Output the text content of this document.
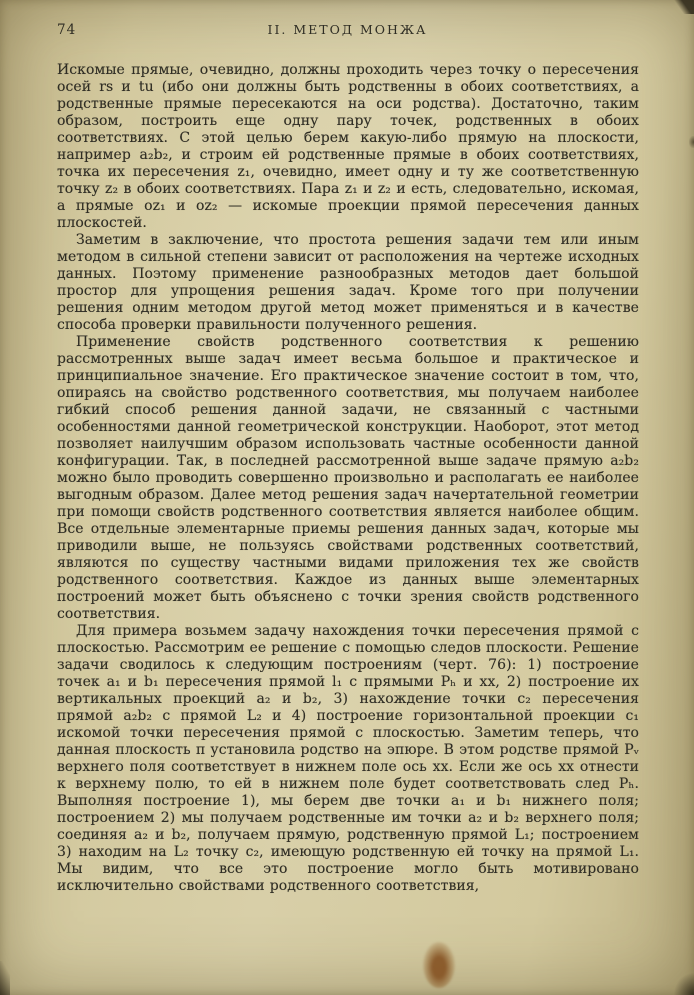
74	II. МЕТОД МОНЖА

Искомые прямые, очевидно, должны проходить через точку o пересечения осей rs и tu (ибо они должны быть родственны в обоих соответствиях, а родственные прямые пересекаются на оси родства). Достаточно, таким образом, построить еще одну пару точек, родственных в обоих соответствиях. С этой целью берем какую-либо прямую на плоскости, например a₂b₂, и строим ей родственные прямые в обоих соответствиях, точка их пересечения z₁, очевидно, имеет одну и ту же соответственную точку z₂ в обоих соответствиях. Пара z₁ и z₂ и есть, следовательно, искомая, а прямые oz₁ и oz₂ — искомые проекции прямой пересечения данных плоскостей.

Заметим в заключение, что простота решения задачи тем или иным методом в сильной степени зависит от расположения на чертеже исходных данных. Поэтому применение разнообразных методов дает большой простор для упрощения решения задач. Кроме того при получении решения одним методом другой метод может применяться и в качестве способа проверки правильности полученного решения.

Применение свойств родственного соответствия к решению рассмотренных выше задач имеет весьма большое и практическое и принципиальное значение. Его практическое значение состоит в том, что, опираясь на свойство родственного соответствия, мы получаем наиболее гибкий способ решения данной задачи, не связанный с частными особенностями данной геометрической конструкции. Наоборот, этот метод позволяет наилучшим образом использовать частные особенности данной конфигурации. Так, в последней рассмотренной выше задаче прямую a₂b₂ можно было проводить совершенно произвольно и располагать ее наиболее выгодным образом. Далее метод решения задач начертательной геометрии при помощи свойств родственного соответствия является наиболее общим. Все отдельные элементарные приемы решения данных задач, которые мы приводили выше, не пользуясь свойствами родственных соответствий, являются по существу частными видами приложения тех же свойств родственного соответствия. Каждое из данных выше элементарных построений может быть объяснено с точки зрения свойств родственного соответствия.

Для примера возьмем задачу нахождения точки пересечения прямой с плоскостью. Рассмотрим ее решение с помощью следов плоскости. Решение задачи сводилось к следующим построениям (черт. 76): 1) построение точек a₁ и b₁ пересечения прямой l₁ с прямыми Pₕ и xx, 2) построение их вертикальных проекций a₂ и b₂, 3) нахождение точки c₂ пересечения прямой a₂b₂ с прямой L₂ и 4) построение горизонтальной проекции c₁ искомой точки пересечения прямой с плоскостью. Заметим теперь, что данная плоскость π установила родство на эпюре. В этом родстве прямой Pᵥ верхнего поля соответствует в нижнем поле ось xx. Если же ось xx отнести к верхнему полю, то ей в нижнем поле будет соответствовать след Pₕ. Выполняя построение 1), мы берем две точки a₁ и b₁ нижнего поля; построением 2) мы получаем родственные им точки a₂ и b₂ верхнего поля; соединяя a₂ и b₂, получаем прямую, родственную прямой L₁; построением 3) находим на L₂ точку c₂, имеющую родственную ей точку на прямой L₁. Мы видим, что все это построение могло быть мотивировано исключительно свойствами родственного соответствия,
